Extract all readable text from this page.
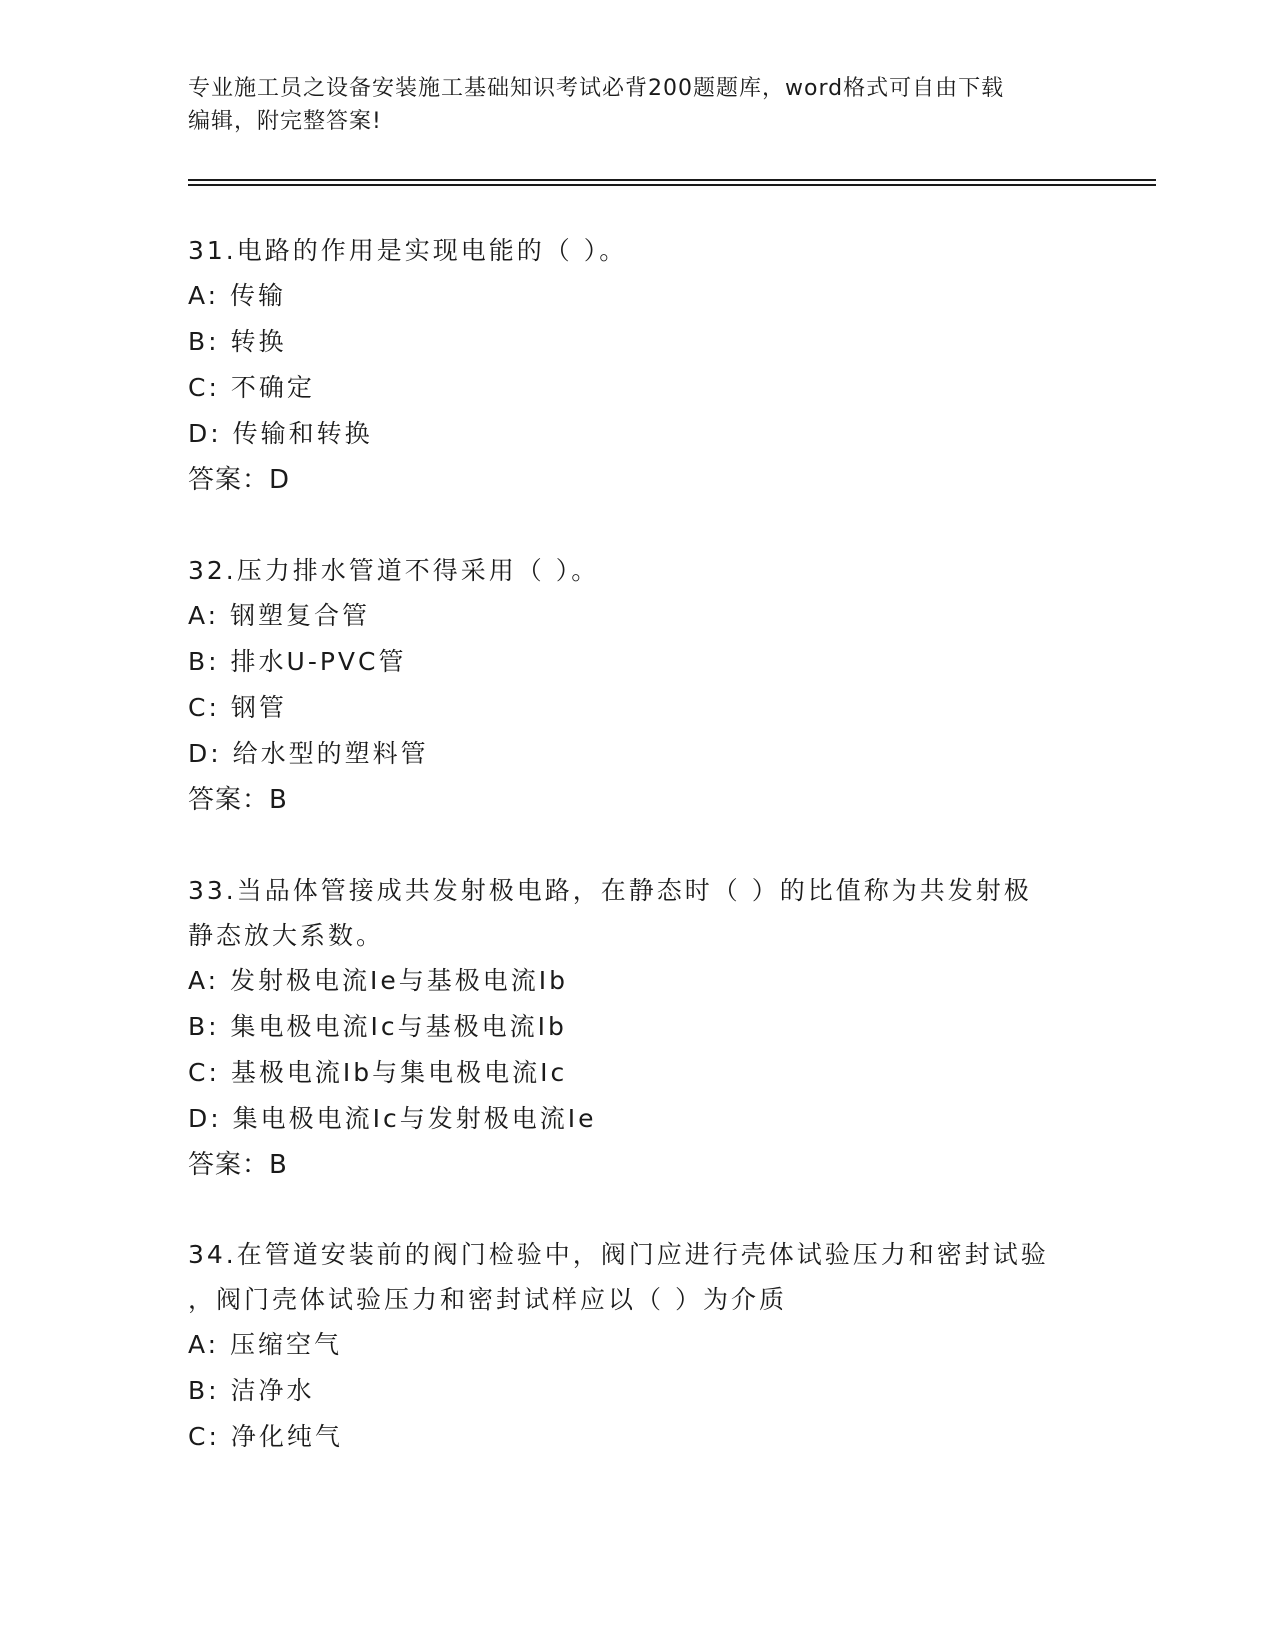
专业施工员之设备安装施工基础知识考试必背200题题库，word格式可自由下载
编辑，附完整答案!

31.电路的作用是实现电能的（ ）。

A: 传输

B: 转换

C: 不确定

D: 传输和转换

答案：D

32.压力排水管道不得采用（ ）。

A: 钢塑复合管

B: 排水U-PVC管

C: 钢管

D: 给水型的塑料管

答案：B

33.当品体管接成共发射极电路，在静态时（ ）的比值称为共发射极

静态放大系数。

A: 发射极电流Ie与基极电流Ib

B: 集电极电流Ic与基极电流Ib

C: 基极电流Ib与集电极电流Ic

D: 集电极电流Ic与发射极电流Ie

答案：B

34.在管道安装前的阀门检验中，阀门应进行壳体试验压力和密封试验

，阀门壳体试验压力和密封试样应以（ ）为介质

A: 压缩空气

B: 洁净水

C: 净化纯气
